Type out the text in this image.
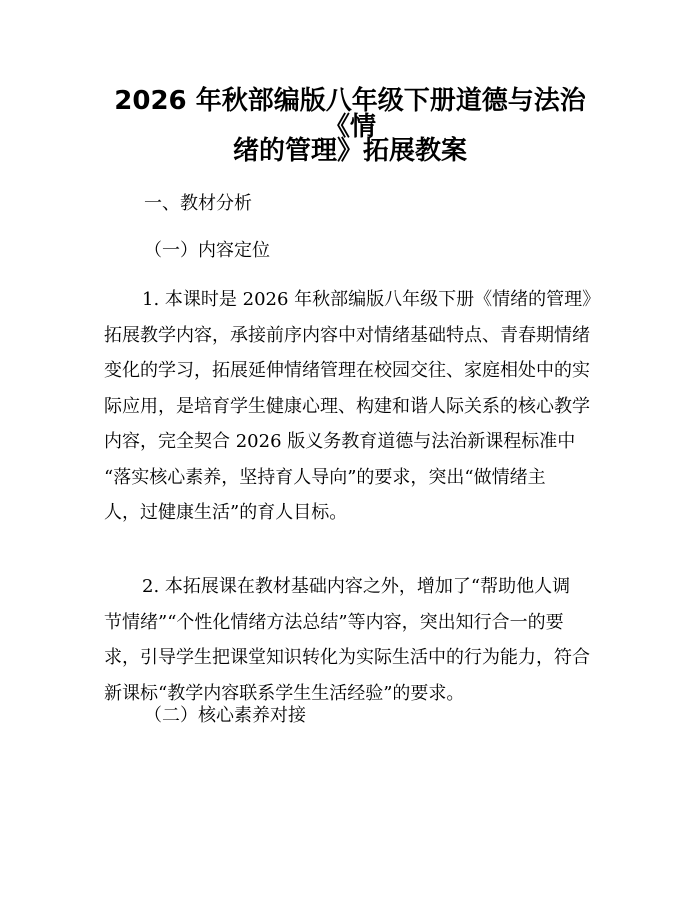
2026 年秋部编版八年级下册道德与法治《情
绪的管理》拓展教案
一、教材分析
（一）内容定位

1. 本课时是 2026 年秋部编版八年级下册《情绪的管理》
拓展教学内容，承接前序内容中对情绪基础特点、青春期情绪
变化的学习，拓展延伸情绪管理在校园交往、家庭相处中的实
际应用，是培育学生健康心理、构建和谐人际关系的核心教学
内容，完全契合 2026 版义务教育道德与法治新课程标准中
“落实核心素养，坚持育人导向”的要求，突出“做情绪主
人，过健康生活”的育人目标。

2. 本拓展课在教材基础内容之外，增加了“帮助他人调
节情绪”“个性化情绪方法总结”等内容，突出知行合一的要
求，引导学生把课堂知识转化为实际生活中的行为能力，符合
新课标“教学内容联系学生生活经验”的要求。

（二）核心素养对接
